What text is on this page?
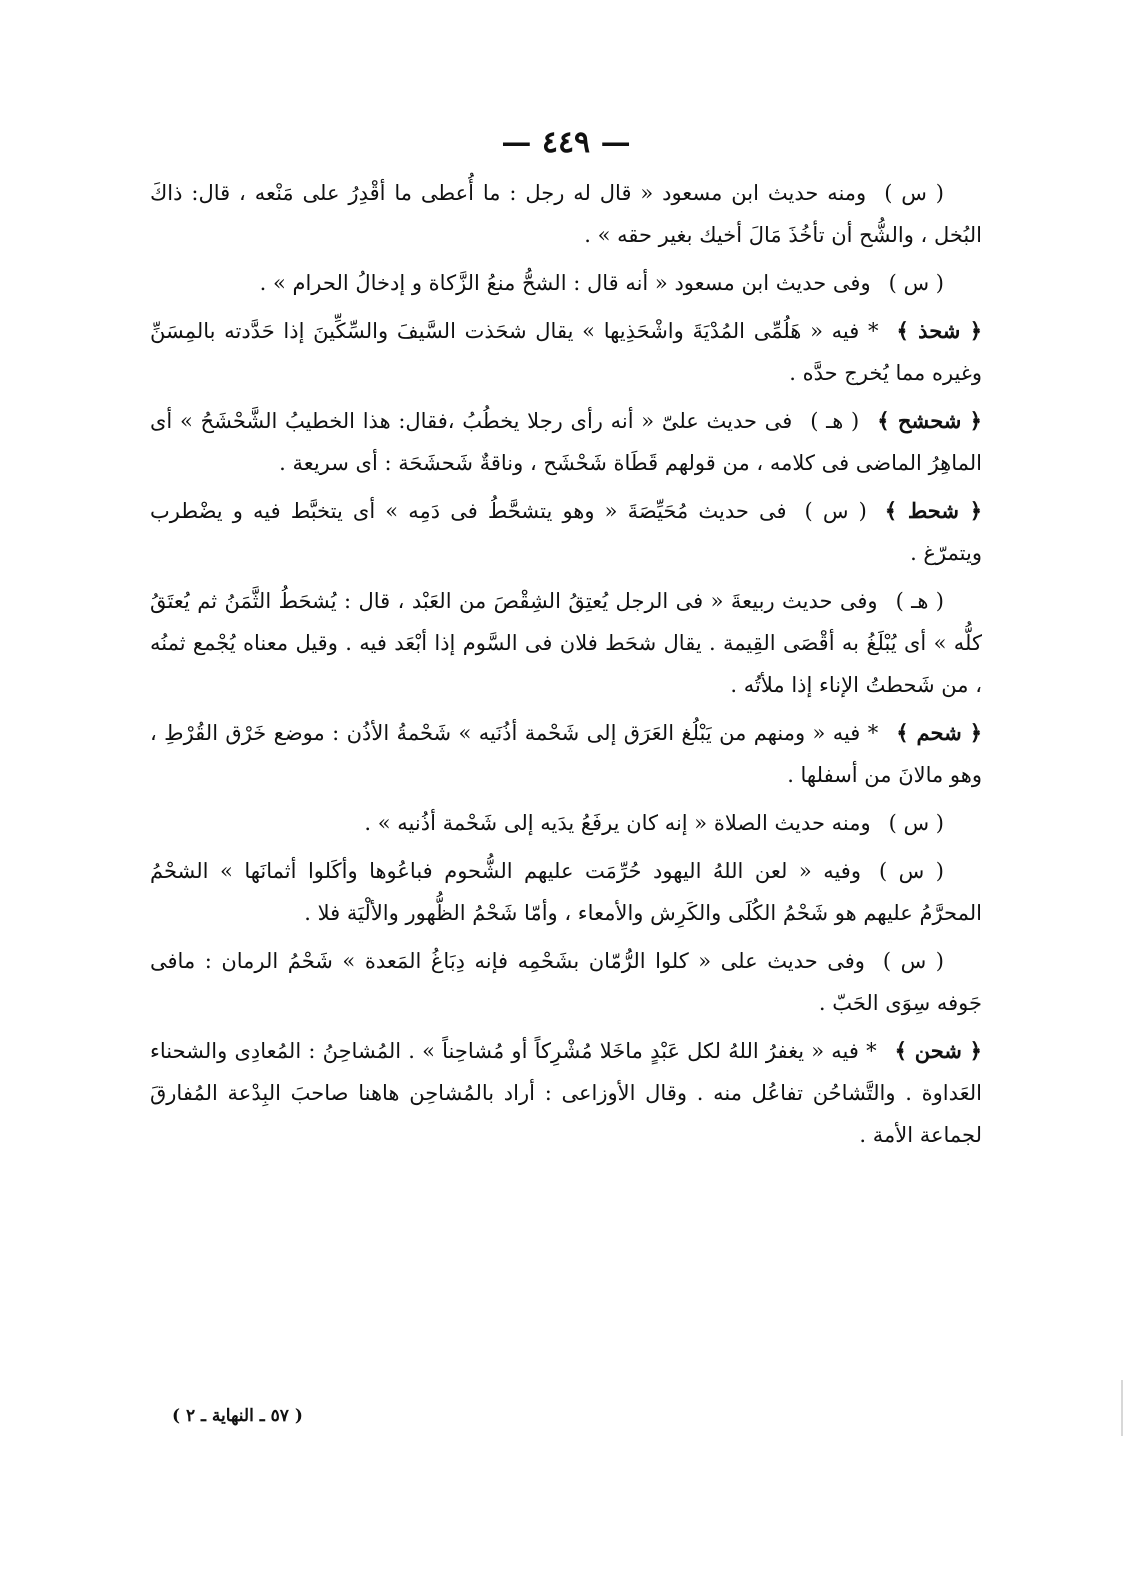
— ٤٤٩ —

( س )ومنه حديث ابن مسعود « قال له رجل : ما أُعطى ما أقْدِرُ على مَنْعه ، قال: ذاكَ البُخل ، والشُّح أن تأخُذَ مَالَ أخيك بغير حقه » .

( س )وفى حديث ابن مسعود « أنه قال : الشحُّ منعُ الزَّكاة و إدخالُ الحرام » .

﴿ شحذ ﴾* فيه « هَلُمِّى المُدْيَةَ واشْحَذِيها » يقال شحَذت السَّيفَ والسِّكِّينَ إذا حَدَّدته بالمِسَنِّ وغيره مما يُخرج حدَّه .

﴿ شحشح ﴾( هـ )فى حديث علىّ « أنه رأى رجلا يخطُبُ ،فقال: هذا الخطيبُ الشَّحْشَحُ » أى الماهِرُ الماضى فى كلامه ، من قولهم قَطَاة شَحْشَح ، وناقةٌ شَحشَحَة : أى سريعة .

﴿ شحط ﴾( س )فى حديث مُحَيِّصَةَ « وهو يتشحَّطُ فى دَمِه » أى يتخبَّط فيه و يضْطرب ويتمرّغ .

( هـ )وفى حديث ربيعةَ « فى الرجل يُعتِقُ الشِقْصَ من العَبْد ، قال : يُشحَطُ الثَّمَنُ ثم يُعتَقُ كلُّه » أى يُبْلَغُ به أقْصَى القِيمة . يقال شحَط فلان فى السَّوم إذا أبْعَد فيه . وقيل معناه يُجْمع ثمنُه ، من شَحطتُ الإناء إذا ملأتُه .

﴿ شحم ﴾* فيه « ومنهم من يَبْلُغ العَرَق إلى شَحْمة أذُنَيه » شَحْمةُ الأذُن : موضع خَرْق القُرْطِ ، وهو مالانَ من أسفلها .

( س )ومنه حديث الصلاة « إنه كان يرفَعُ يدَيه إلى شَحْمة أذُنيه » .

( س )وفيه « لعن اللهُ اليهود حُرِّمَت عليهم الشُّحوم فباعُوها وأكَلوا أثمانَها » الشحْمُ المحرَّمُ عليهم هو شَحْمُ الكُلَى والكَرِش والأمعاء ، وأمّا شَحْمُ الظُّهور والألْيَة فلا .

( س )وفى حديث على « كلوا الرُّمّان بشَحْمِه فإنه دِبَاغُ المَعدة » شَحْمُ الرمان : مافى جَوفه سِوَى الحَبّ .

﴿ شحن ﴾* فيه « يغفرُ اللهُ لكل عَبْدٍ ماخَلا مُشْرِكاً أو مُشاحِناً » . المُشاحِنُ : المُعادِى والشحناء العَداوة . والتَّشاحُن تفاعُل منه . وقال الأوزاعى : أراد بالمُشاحِن هاهنا صاحبَ البِدْعة المُفارقَ لجماعة الأمة .

( ٥٧ ـ النهاية ـ ٢ )
